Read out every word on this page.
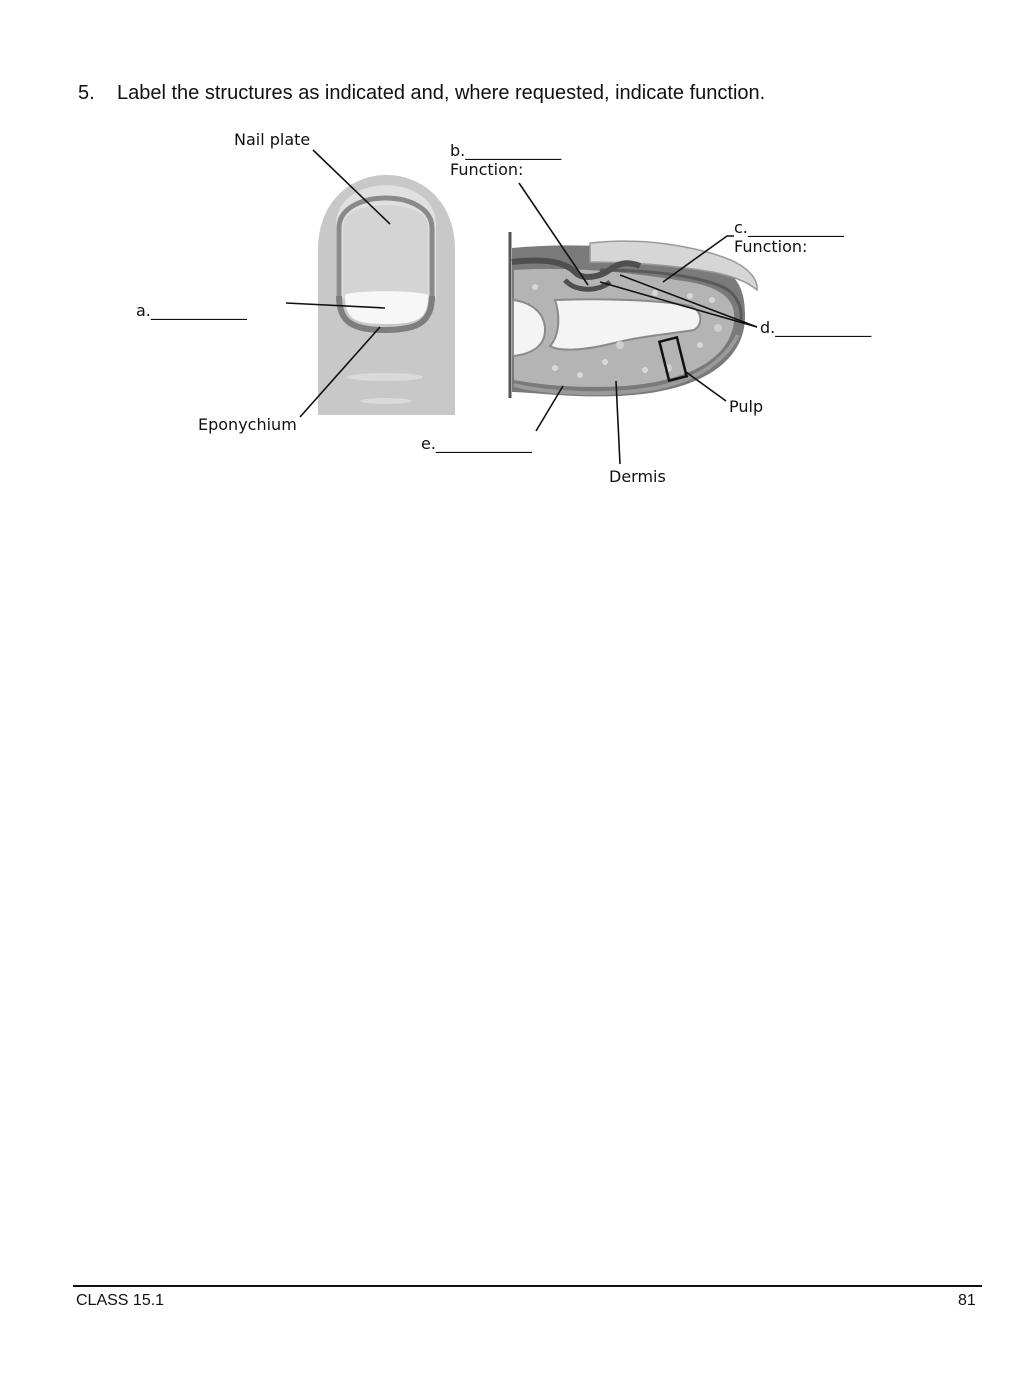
5. Label the structures as indicated and, where requested, indicate function.
Nail plate
a.____________
Eponychium
b.____________
Function:
c.____________
Function:
d.____________
Pulp
e.____________
Dermis
CLASS 15.1	81
